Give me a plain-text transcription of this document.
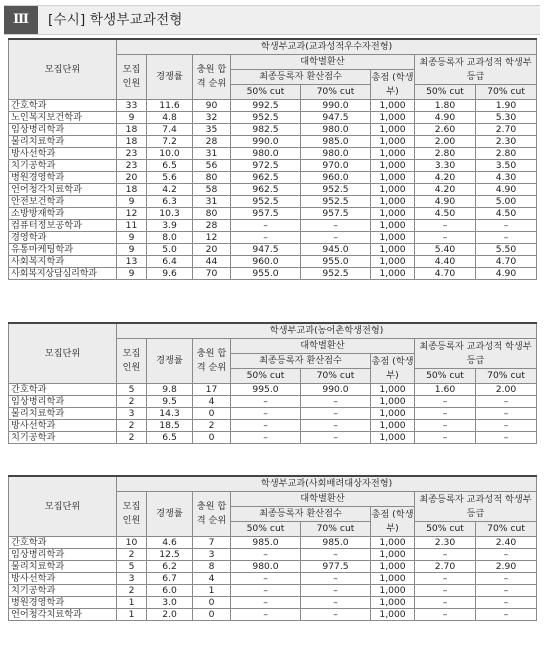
Ⅲ	[수시] 학생부교과전형
모집단위	학생부교과(교과성적우수자전형)							
	모집 인원	경쟁률	충원 합격 순위	대학별환산			최종등록자 교과성적 학생부등급	
				최종등록자 환산점수		총점 (학생부)		
				50% cut	70% cut		50% cut	70% cut
간호학과	33	11.6	90	992.5	990.0	1,000	1.80	1.90
노인복지보건학과	9	4.8	32	952.5	947.5	1,000	4.90	5.30
임상병리학과	18	7.4	35	982.5	980.0	1,000	2.60	2.70
물리치료학과	18	7.2	28	990.0	985.0	1,000	2.00	2.30
방사선학과	23	10.0	31	980.0	980.0	1,000	2.80	2.80
치기공학과	23	6.5	56	972.5	970.0	1,000	3.30	3.50
병원경영학과	20	5.6	80	962.5	960.0	1,000	4.20	4.30
언어청각치료학과	18	4.2	58	962.5	952.5	1,000	4.20	4.90
안전보건학과	9	6.3	31	952.5	952.5	1,000	4.90	5.00
소방방재학과	12	10.3	80	957.5	957.5	1,000	4.50	4.50
컴퓨터정보공학과	11	3.9	28	–	–	1,000	–	–
경영학과	9	8.0	12	–	–	1,000	–	–
유통마케팅학과	9	5.0	20	947.5	945.0	1,000	5.40	5.50
사회복지학과	13	6.4	44	960.0	955.0	1,000	4.40	4.70
사회복지상담심리학과	9	9.6	70	955.0	952.5	1,000	4.70	4.90
모집단위	학생부교과(농어촌학생전형)							
	모집 인원	경쟁률	충원 합격 순위	대학별환산			최종등록자 교과성적 학생부등급	
				최종등록자 환산점수		총점 (학생부)		
				50% cut	70% cut		50% cut	70% cut
간호학과	5	9.8	17	995.0	990.0	1,000	1.60	2.00
임상병리학과	2	9.5	4	–	–	1,000	–	–
물리치료학과	3	14.3	0	–	–	1,000	–	–
방사선학과	2	18.5	2	–	–	1,000	–	–
치기공학과	2	6.5	0	–	–	1,000	–	–
모집단위	학생부교과(사회배려대상자전형)							
	모집 인원	경쟁률	충원 합격 순위	대학별환산			최종등록자 교과성적 학생부등급	
				최종등록자 환산점수		총점 (학생부)		
				50% cut	70% cut		50% cut	70% cut
간호학과	10	4.6	7	985.0	985.0	1,000	2.30	2.40
임상병리학과	2	12.5	3	–	–	1,000	–	–
물리치료학과	5	6.2	8	980.0	977.5	1,000	2.70	2.90
방사선학과	3	6.7	4	–	–	1,000	–	–
치기공학과	2	6.0	1	–	–	1,000	–	–
병원경영학과	1	3.0	0	–	–	1,000	–	–
언어청각치료학과	1	2.0	0	–	–	1,000	–	–
